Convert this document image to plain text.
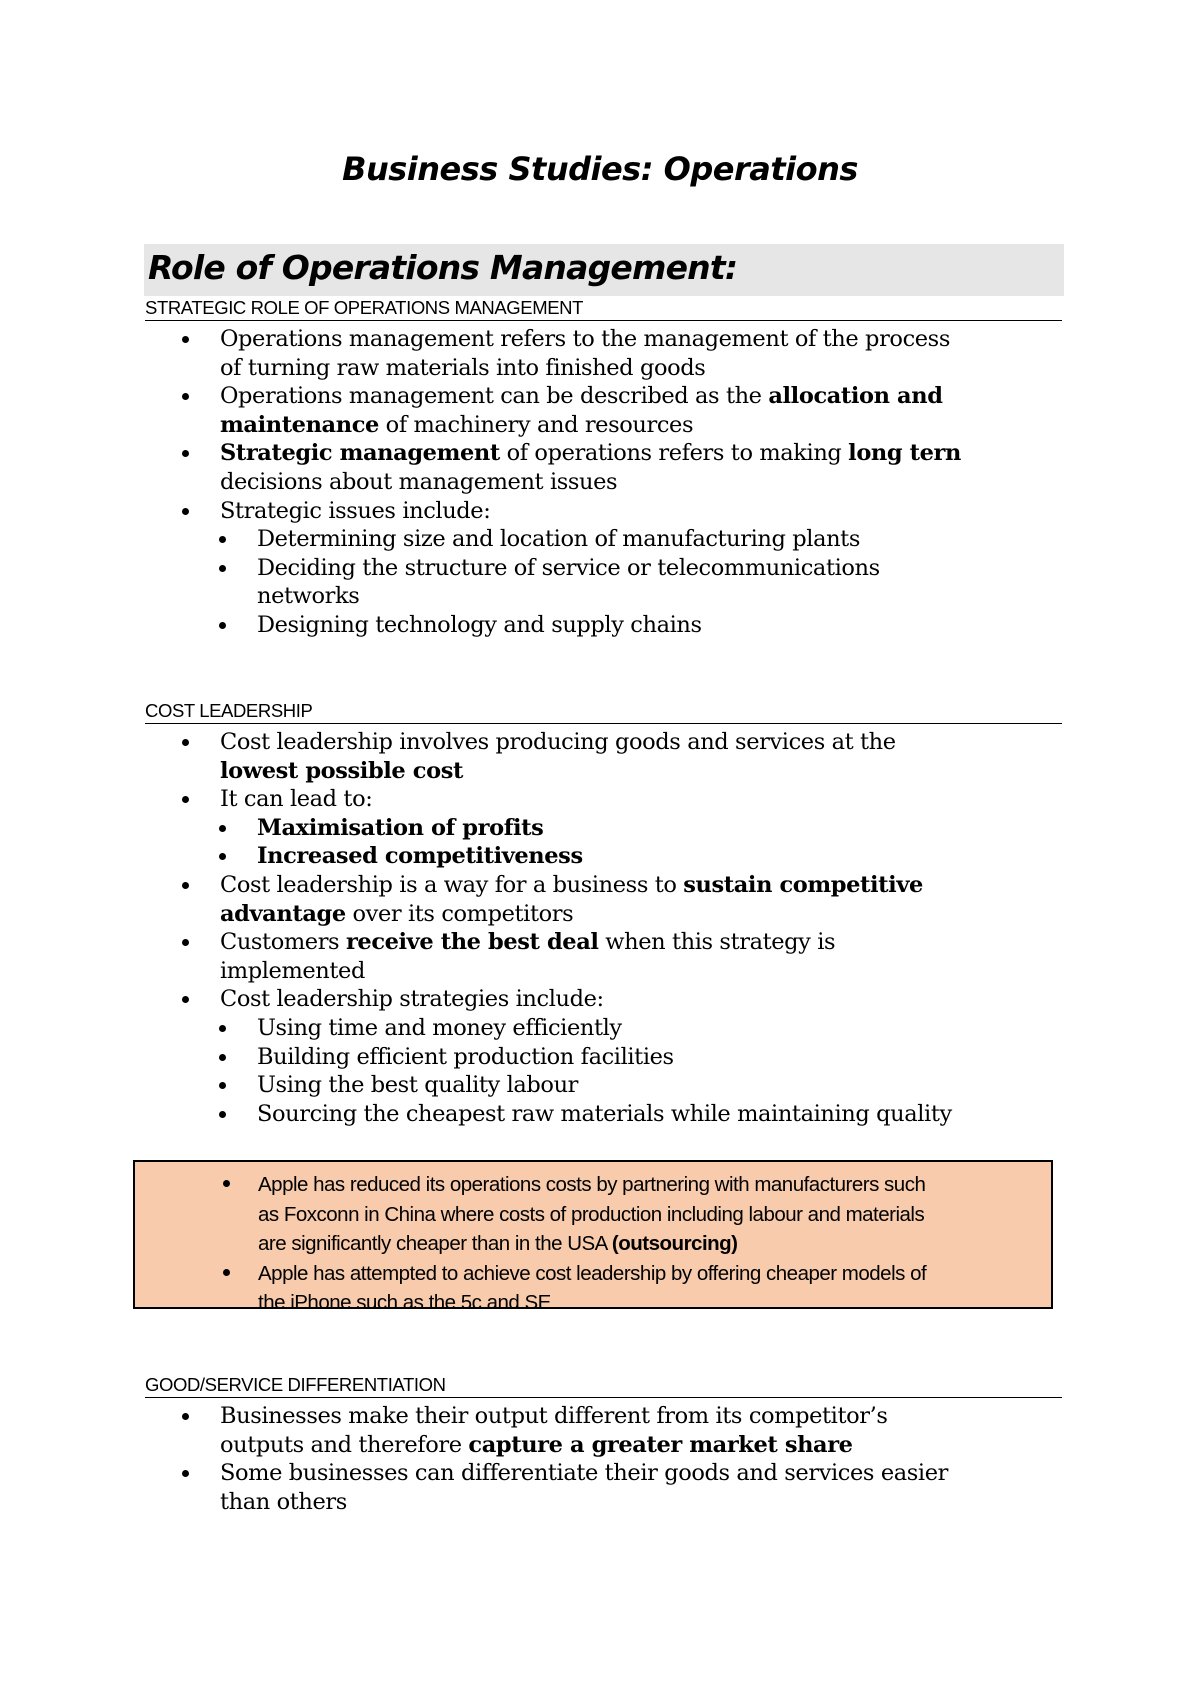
Business Studies: Operations
Role of Operations Management:
STRATEGIC ROLE OF OPERATIONS MANAGEMENT
Operations management refers to the management of the process
of turning raw materials into finished goods
Operations management can be described as the allocation and
maintenance of machinery and resources
Strategic management of operations refers to making long tern
decisions about management issues
Strategic issues include:
Determining size and location of manufacturing plants
Deciding the structure of service or telecommunications
networks
Designing technology and supply chains
COST LEADERSHIP
Cost leadership involves producing goods and services at the
lowest possible cost
It can lead to:
Maximisation of profits
Increased competitiveness
Cost leadership is a way for a business to sustain competitive
advantage over its competitors
Customers receive the best deal when this strategy is
implemented
Cost leadership strategies include:
Using time and money efficiently
Building efficient production facilities
Using the best quality labour
Sourcing the cheapest raw materials while maintaining quality
Apple has reduced its operations costs by partnering with manufacturers such
as Foxconn in China where costs of production including labour and materials
are significantly cheaper than in the USA (outsourcing)
Apple has attempted to achieve cost leadership by offering cheaper models of
the iPhone such as the 5c and SE
GOOD/SERVICE DIFFERENTIATION
Businesses make their output different from its competitor’s
outputs and therefore capture a greater market share
Some businesses can differentiate their goods and services easier
than others
